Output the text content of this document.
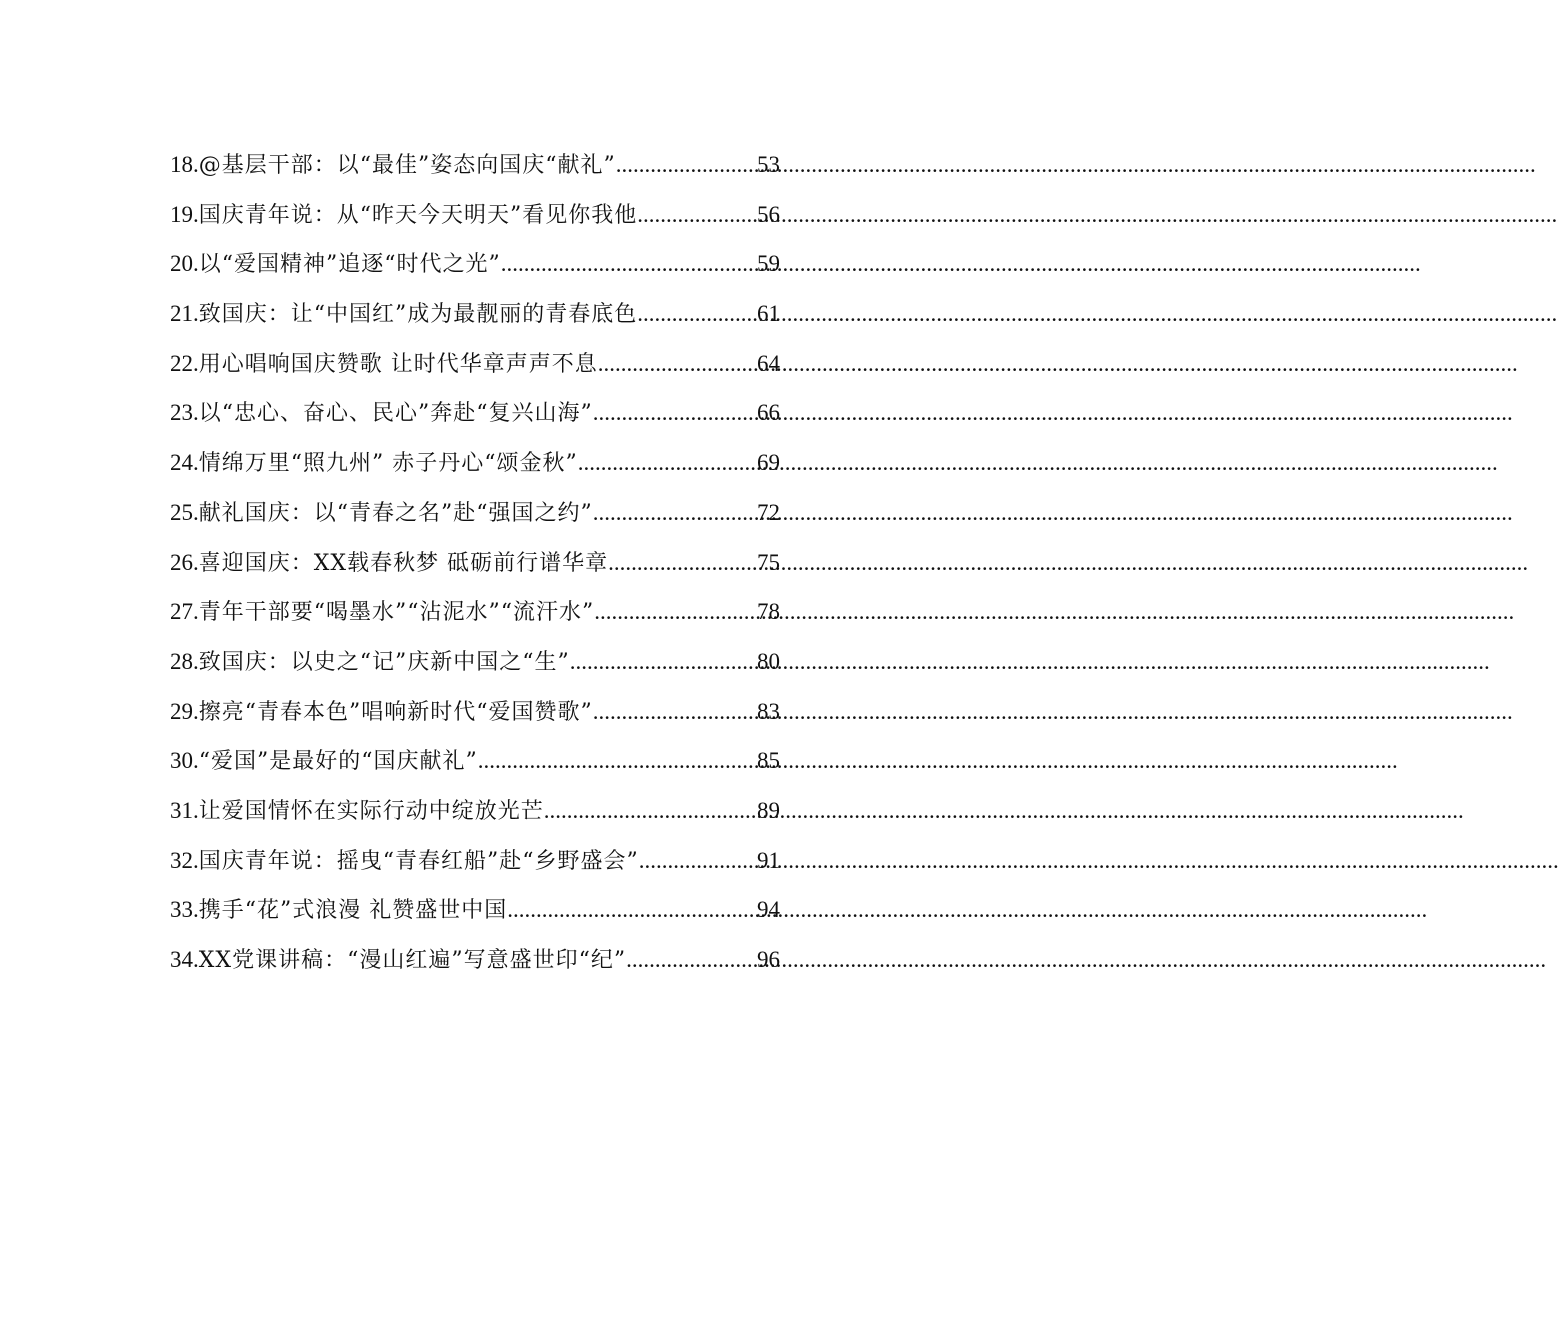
18. @基层干部：以“最佳”姿态向国庆“献礼” .....	53
19. 国庆青年说：从“昨天今天明天”看见你我他 .....	56
20. 以“爱国精神”追逐“时代之光” .....	59
21. 致国庆：让“中国红”成为最靓丽的青春底色 .....	61
22. 用心唱响国庆赞歌 让时代华章声声不息 .....	64
23. 以“忠心、奋心、民心”奔赴“复兴山海” .....	66
24. 情绵万里“照九州” 赤子丹心“颂金秋” .....	69
25. 献礼国庆：以“青春之名”赴“强国之约” .....	72
26. 喜迎国庆：XX载春秋梦 砥砺前行谱华章 .....	75
27. 青年干部要“喝墨水”“沾泥水”“流汗水” .....	78
28. 致国庆：以史之“记”庆新中国之“生” .....	80
29. 擦亮“青春本色”唱响新时代“爱国赞歌” .....	83
30. “爱国”是最好的“国庆献礼” .....	85
31. 让爱国情怀在实际行动中绽放光芒 .....	89
32. 国庆青年说：摇曳“青春红船”赴“乡野盛会” .....	91
33. 携手“花”式浪漫 礼赞盛世中国 .....	94
34. XX党课讲稿：“漫山红遍”写意盛世印“纪” .....	96
